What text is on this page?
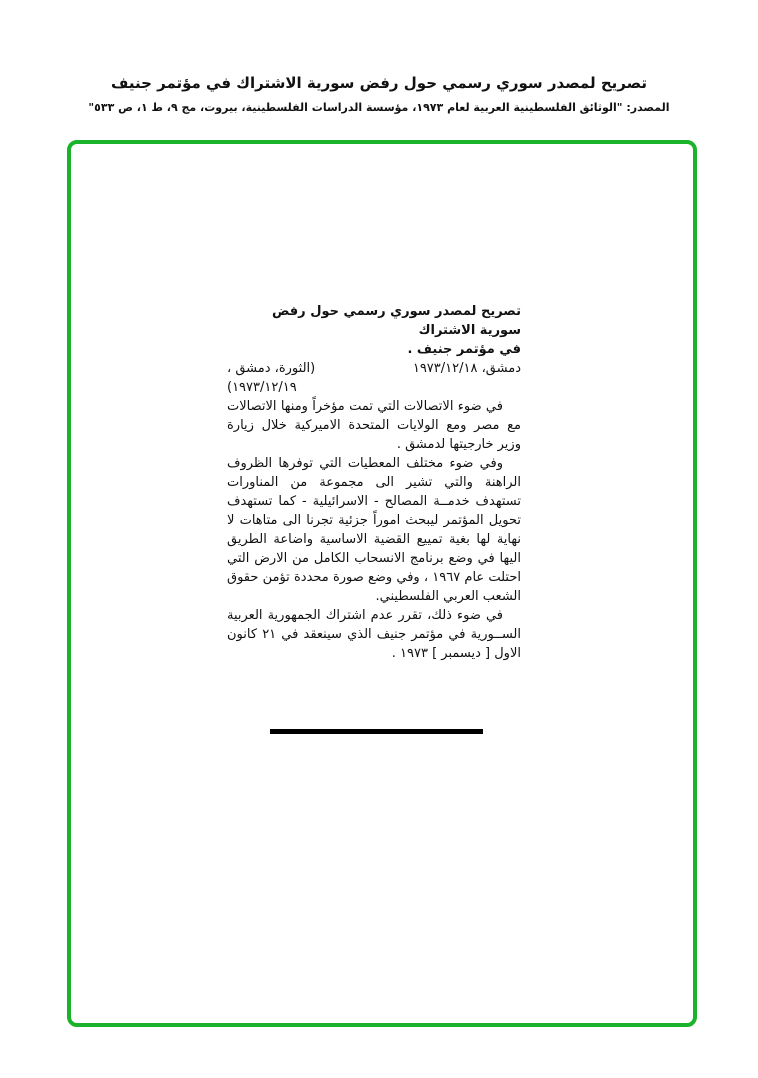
تصريح لمصدر سوري رسمي حول رفض سورية الاشتراك في مؤتمر جنيف

المصدر: "الوثائق الفلسطينية العربية لعام ١٩٧٣، مؤسسة الدراسات الفلسطينية، بيروت، مج ٩، ط ١، ص ٥٣٣"

تصريح لمصدر سوري رسمي حول رفض سورية الاشتراك
في مؤتمر جنيف .

دمشق، ١٩٧٣/١٢/١٨
(الثورة، دمشق ،
١٩٧٣/١٢/١٩)

في ضوء الاتصالات التي تمت مؤخراً ومنها الاتصالات مع مصر ومع الولايات المتحدة الاميركية خلال زيارة وزير خارجيتها لدمشق .

وفي ضوء مختلف المعطيات التي توفرها الظروف الراهنة والتي تشير الى مجموعة من المناورات تستهدف خدمــة المصالح - الاسرائيلية - كما تستهدف تحويل المؤتمر ليبحث اموراً جزئية تجرنا الى متاهات لا نهاية لها بغية تمييع القضية الاساسية واضاعة الطريق اليها في وضع برنامج الانسحاب الكامل من الارض التي احتلت عام ١٩٦٧ ، وفي وضع صورة محددة تؤمن حقوق الشعب العربي الفلسطيني.

في ضوء ذلك، تقرر عدم اشتراك الجمهورية العربية الســورية في مؤتمر جنيف الذي سينعقد في ٢١ كانون الاول [ ديسمبر ] ١٩٧٣ .
